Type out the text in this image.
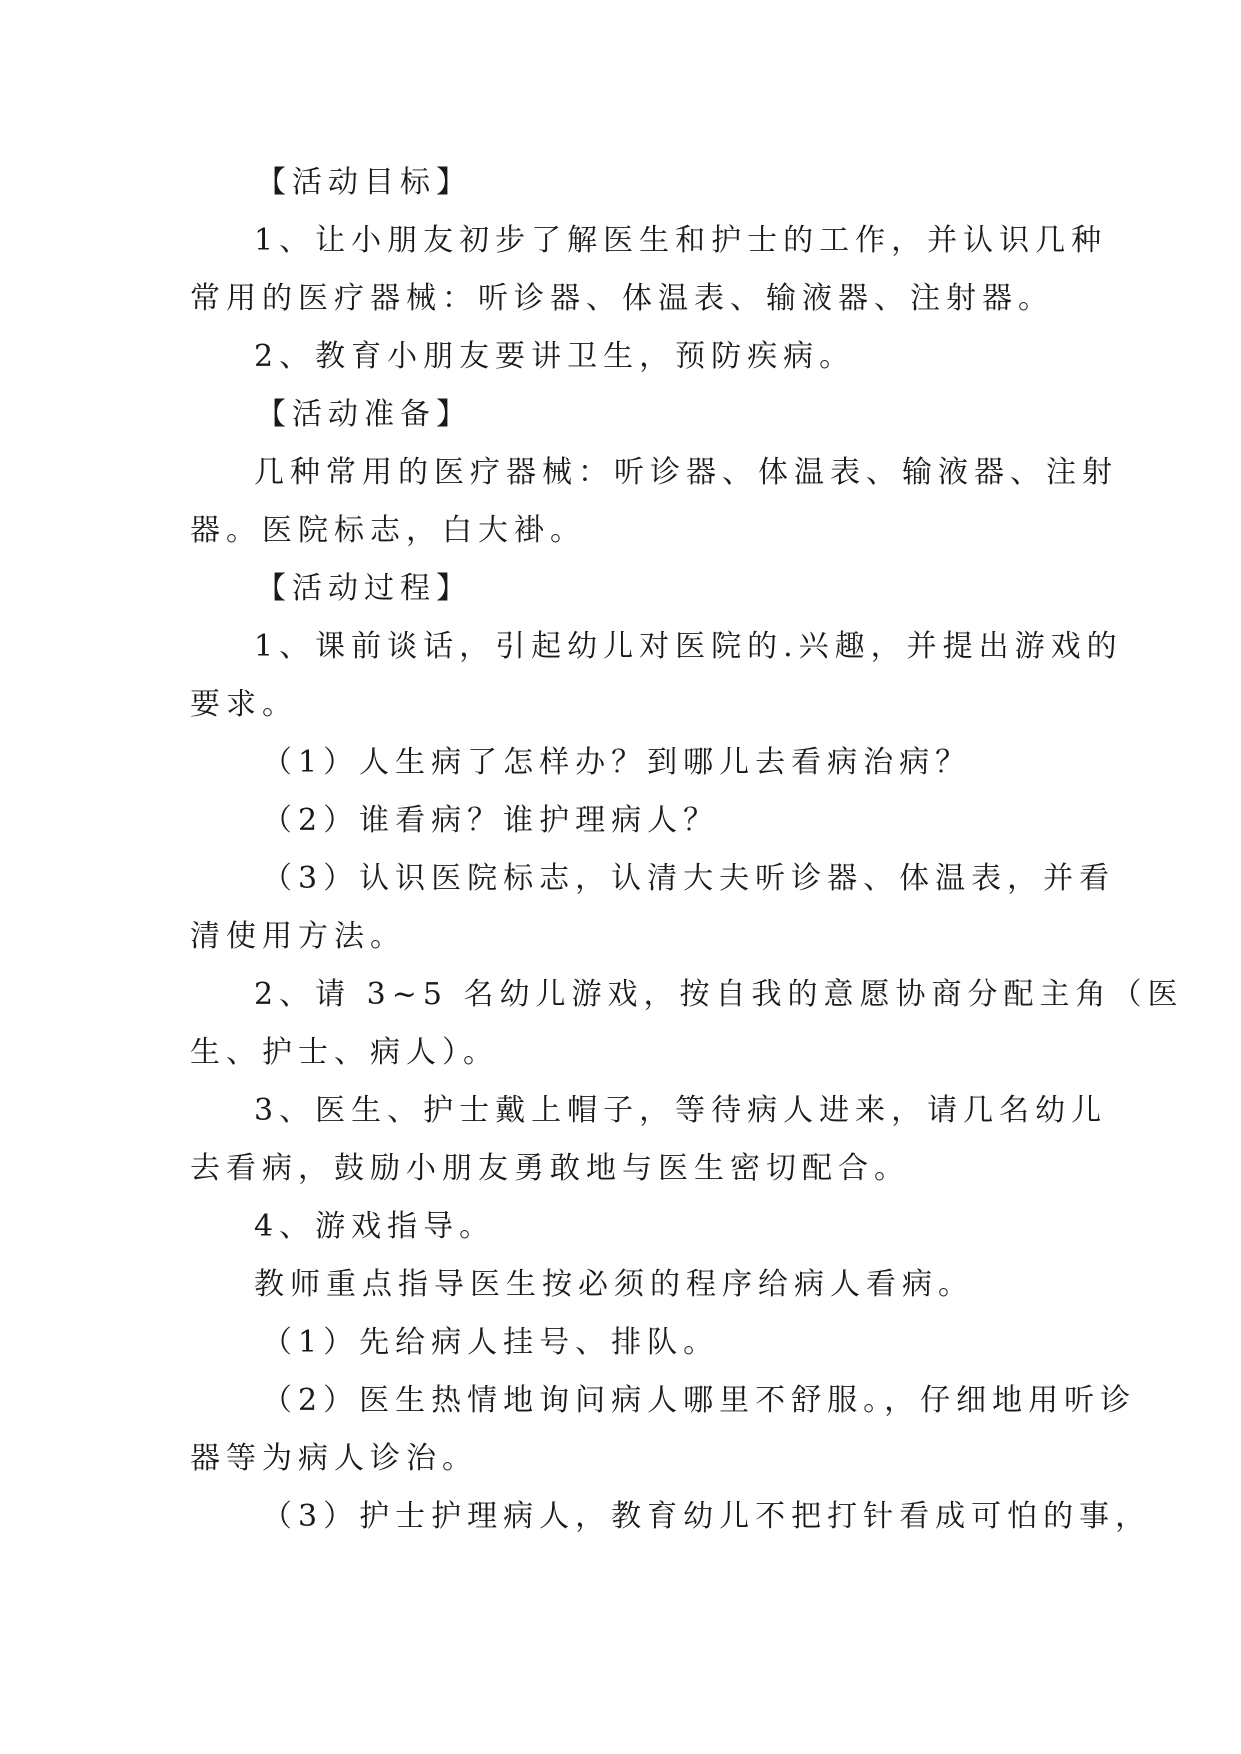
【活动目标】
1、让小朋友初步了解医生和护士的工作，并认识几种
常用的医疗器械：听诊器、体温表、输液器、注射器。
2、教育小朋友要讲卫生，预防疾病。
【活动准备】
几种常用的医疗器械：听诊器、体温表、输液器、注射
器。医院标志，白大褂。
【活动过程】
1、课前谈话，引起幼儿对医院的.兴趣，并提出游戏的
要求。
（1）人生病了怎样办？到哪儿去看病治病？
（2）谁看病？谁护理病人？
（3）认识医院标志，认清大夫听诊器、体温表，并看
清使用方法。
2、请 3~5 名幼儿游戏，按自我的意愿协商分配主角（医
生、护士、病人）。
3、医生、护士戴上帽子，等待病人进来，请几名幼儿
去看病，鼓励小朋友勇敢地与医生密切配合。
4、游戏指导。
教师重点指导医生按必须的程序给病人看病。
（1）先给病人挂号、排队。
（2）医生热情地询问病人哪里不舒服。，仔细地用听诊
器等为病人诊治。
（3）护士护理病人，教育幼儿不把打针看成可怕的事，
